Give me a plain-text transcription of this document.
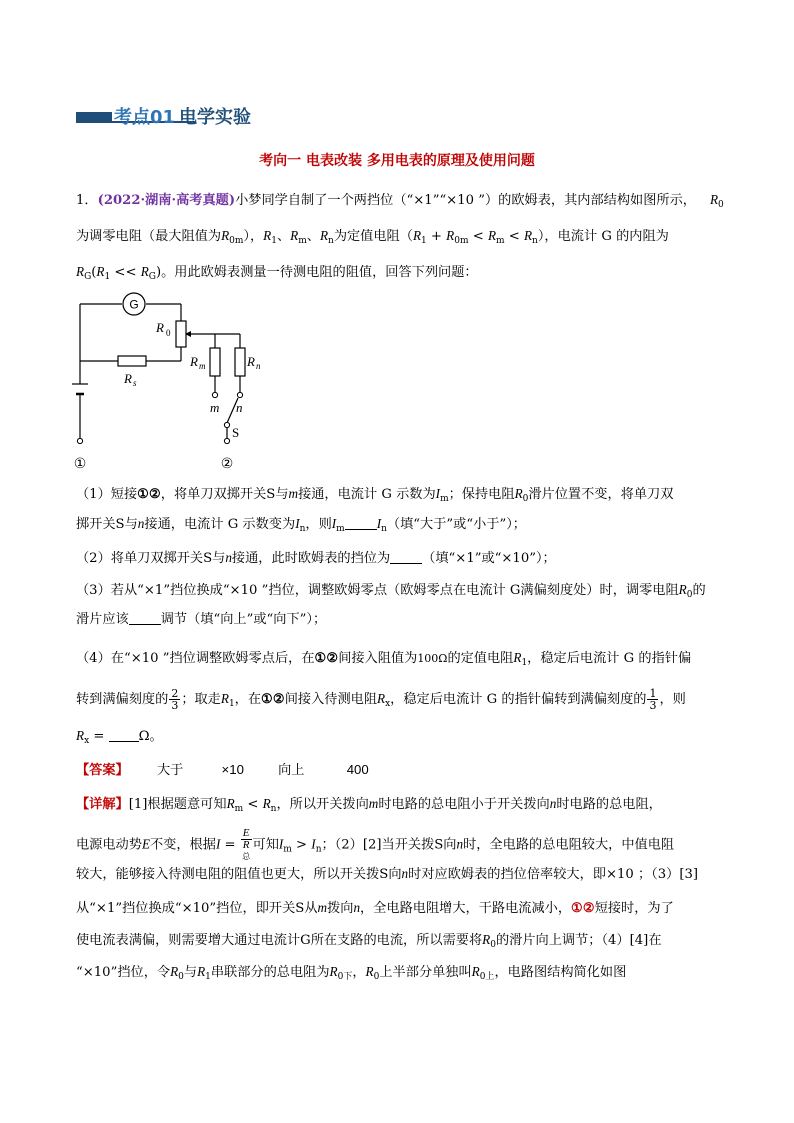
考点01 电学实验
考向一 电表改装 多用电表的原理及使用问题
1．(2022·湖南·高考真题)小梦同学自制了一个两挡位（“×1”“×10 ”）的欧姆表，其内部结构如图所示， $R_0$
为调零电阻（最大阻值为$R_{0m}$），$R_1$、$R_m$、$R_n$为定值电阻$(R_1 + R_{0m} < R_m < R_n)$，电流计 G 的内阻为
$R_G(R_1 << R_G)$。用此欧姆表测量一待测电阻的阻值，回答下列问题：
G
R 0
R s
R m	R n
m n
S
①	②
（1）短接①②，将单刀双掷开关S与m接通，电流计 G 示数为$I_m$；保持电阻$R_0$滑片位置不变，将单刀双
掷开关S与n接通，电流计 G 示数变为$I_n$，则$I_m$ $I_n$（填“大于”或“小于”）；
（2）将单刀双掷开关S与n接通，此时欧姆表的挡位为 （填“×1”或“×10”）；
（3）若从“×1”挡位换成“×10 ”挡位，调整欧姆零点（欧姆零点在电流计 G满偏刻度处）时，调零电阻$R_0$的
滑片应该 调节（填“向上”或“向下”）；
（4）在“×10 ”挡位调整欧姆零点后，在①②间接入阻值为100Ω的定值电阻$R_1$，稳定后电流计 G 的指针偏
转到满偏刻度的 $\frac{2}{3}$ ；取走$R_1$，在①②间接入待测电阻$R_x$，稳定后电流计 G 的指针偏转到满偏刻度的 $\frac{1}{3}$ ，则
$R_x = \Omega$。
【答案】 大于	×10	向上	400
【详解】[1]根据题意可知$R_m < R_n$，所以开关拨向m时电路的总电阻小于开关拨向n时电路的总电阻，
电源电动势E不变，根据I = E
R
总 可知$I_m > I_n$；（2）[2]当开关拨S向n时，全电路的总电阻较大，中值电阻
较大，能够接入待测电阻的阻值也更大，所以开关拨S向n时对应欧姆表的挡位倍率较大，即×10 ；（3）[3]
从“×1”挡位换成“×10”挡位，即开关S从m拨向n，全电路电阻增大，干路电流减小，①②短接时，为了
使电流表满偏，则需要增大通过电流计G所在支路的电流，所以需要将$R_0$的滑片向上调节；（4）[4]在
“×10”挡位，令$R_0$与$R_1$串联部分的总电阻为$R_{0下}$，$R_0$上半部分单独叫$R_{0上}$，电路图结构简化如图
